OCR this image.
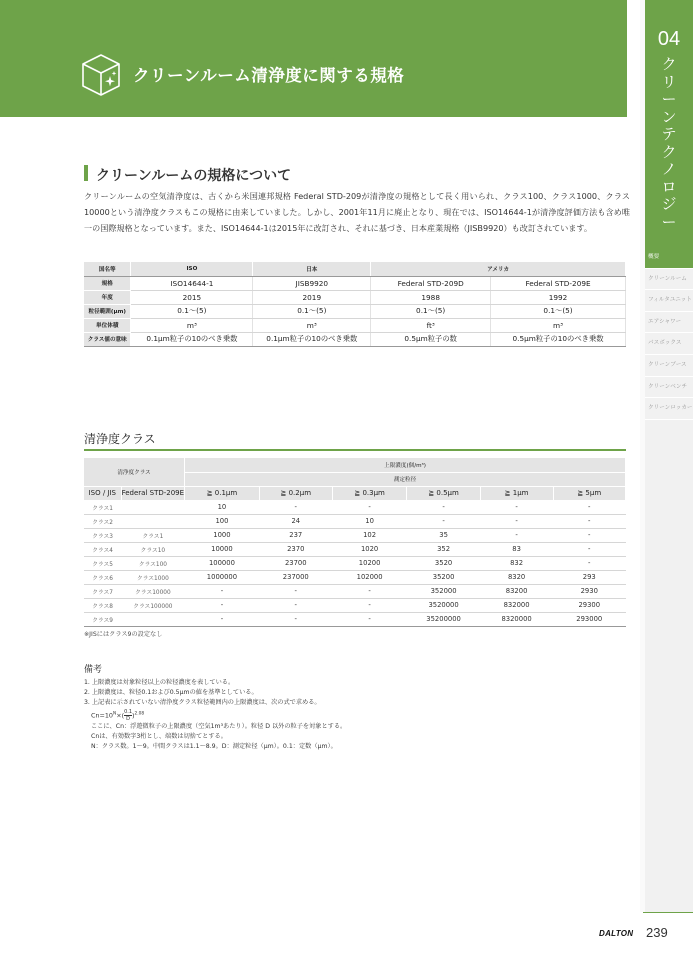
クリーンルーム清浄度に関する規格
04
ク
リ
ー
ン
テ
ク
ノ
ロ
ジ
ー
概要
クリーンルーム
フィルタユニット
エアシャワー
パスボックス
クリーンブース
クリーンベンチ
クリーンロッカー
クリーンルームの規格について

クリーンルームの空気清浄度は、古くから米国連邦規格 Federal STD-209が清浄度の規格として長く用いられ、クラス100、クラス1000、クラス10000という清浄度クラスもこの規格に由来していました。しかし、2001年11月に廃止となり、現在では、ISO14644-1が清浄度評価方法も含め唯一の国際規格となっています。また、ISO14644-1は2015年に改訂され、それに基づき、日本産業規格（JISB9920）も改訂されています。

国名等	ISO	日本	アメリカ	
規格	ISO14644-1	JISB9920	Federal STD-209D	Federal STD-209E
年度	2015	2019	1988	1992
粒径範囲(μm)	0.1～(5)	0.1～(5)	0.1～(5)	0.1～(5)
単位体積	m³	m³	ft³	m³
クラス値の意味	0.1μm粒子の10のべき乗数	0.1μm粒子の10のべき乗数	0.5μm粒子の数	0.5μm粒子の10のべき乗数
清浄度クラス
清浄度クラス		上限濃度(個/m³)					
		測定粒径					
ISO / JIS	Federal STD-209E	≧ 0.1μm	≧ 0.2μm	≧ 0.3μm	≧ 0.5μm	≧ 1μm	≧ 5μm
クラス1		10	-	-	-	-	-
クラス2		100	24	10	-	-	-
クラス3	クラス1	1000	237	102	35	-	-
クラス4	クラス10	10000	2370	1020	352	83	-
クラス5	クラス100	100000	23700	10200	3520	832	-
クラス6	クラス1000	1000000	237000	102000	35200	8320	293
クラス7	クラス10000	-	-	-	352000	83200	2930
クラス8	クラス100000	-	-	-	3520000	832000	29300
クラス9		-	-	-	35200000	8320000	293000
※JISにはクラス9の設定なし
備考
1. 上限濃度は対象粒径以上の粒径濃度を表している。
2. 上限濃度は、粒径0.1および0.5μmの値を基準としている。
3. 上記表に示されていない清浄度クラス粒径範囲内の上限濃度は、次の式で求める。
$Cn=10^N\times( \frac{0.1}{D} )^{2.08}$
ここに、Cn：浮遊微粒子の上限濃度（空気1m³あたり）。粒径 D 以外の粒子を対象とする。
Cnは、有効数字3桁とし、端数は切捨てとする。
N：クラス数。1～9。中間クラスは1.1～8.9。D：測定粒径（μm）。0.1：定数（μm）。
DALTON 239
